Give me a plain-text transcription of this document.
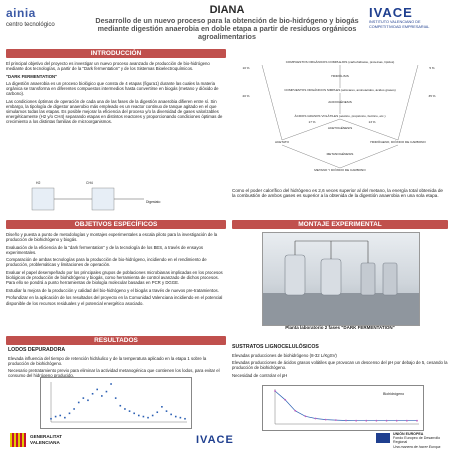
ainia
centro tecnológico
DIANA
Desarrollo de un nuevo proceso para la obtención de bio-hidrógeno y biogás mediante digestión anaerobia en doble etapa a partir de residuos orgánicos agroalimentarios
IVACE
INSTITUTO VALENCIANO DE COMPETITIVIDAD EMPRESARIAL
INTRODUCCIÓN

El principal objetivo del proyecto es investigar un nuevo proceso avanzado de producción de bio-hidrógeno mediante dos tecnologías, a partir de la "Dark fermentation" y de los Sistemas Bioelectroquímicos.

"DARK FERMENTATION"

La digestión anaerobia es un proceso biológico que consta de 4 etapas (figura1) durante las cuales la materia orgánica se transforma en diferentes compuestos intermedios hasta convertirse en biogás (metano y dióxido de carbono).

Las condiciones óptimas de operación de cada una de las fases de la digestión anaerobia difieren entre sí. Sin embargo, la tipología de digestor anaerobio más empleado es un reactor continuo de tanque agitado en el que simulamos todas las etapas. Es posible mejorar la eficiencia del proceso y/o la diversidad de gases valorizables energéticamente (H2 y/o CH4) separando etapas en distintos reactores y proporcionando condiciones óptimas de crecimiento a los distintas familias de microorganismos.

COMPUESTOS ORGÁNICOS COMPLEJOS (carbohidratos, proteínas, lípidos)
HIDRÓLISIS
COMPUESTOS ORGÁNICOS SIMPLES (azúcares, aminoácidos, ácidos grasos)
ACIDOGÉNESIS
ÁCIDOS GRASOS VOLÁTILES (acético, propiónico, butírico, etc.)
ACETOGÉNESIS
ACETATO	HIDRÓGENO, DIÓXIDO DE CARBONO
METANOGÉNESIS
METANO Y DIÓXIDO DE CARBONO
10 %	5 %
20 %	35 %
17 %	13 %
H2	CH4
Digestato
Como el poder calorífico del hidrógeno es 2,6 veces superior al del metano, la energía total obtenida de la combustión de ambos gases es superior a la obtenida de la digestión anaerobia en una sola etapa.
OBJETIVOS ESPECÍFICOS

Diseño y puesta a punto de metodologías y montajes experimentales a escala piloto para la investigación de la producción de biohidrógeno y biogás.

Evaluación de la eficiencia de la "dark fermentation" y de la tecnología de los BES, a través de ensayos experimentales.

Comparación de ambas tecnologías para la producción de bio-hidrógeno, incidiendo en el rendimiento de producción, problemáticas y limitaciones de operación.

Evaluar el papel desempeñado por los principales grupos de poblaciones microbianas implicadas en los procesos biológicos de producción de biohidrógeno y biogás, como herramienta de control avanzado de dichos procesos. Para ello se pondrá a punto herramientas de biología molecular basadas en PCR y DGGE.

Estudiar la mejora de la producción y calidad del bio-hidrógeno y el biogás a través de nuevos pre-tratamientos.

Profundizar en la aplicación de los resultados del proyecto en la Comunidad Valenciana incidiendo en el potencial disponible de los recursos residuales y el potencial energético asociado.

MONTAJE EXPERIMENTAL
Planta laboratorio 2 fases "DARK FERMENTATION"
RESULTADOS

LODOS DEPURADORA

Elevada influencia del tiempo de retención hidráulico y de la temperatura aplicado en la etapa 1 sobre la producción de biohidrógeno.

Necesario pretratamiento previo para eliminar la actividad metanogénica que contienen los lodos, para evitar el consumo del hidrógeno producido.

SUSTRATOS LIGNOCELULÓSICOS

Elevadas producciones de biohidrógeno (8-32 L/KgSV)

Elevadas producciones de ácidos grasos volátiles que provocan un descenso del pH por debajo de 5, cesando la producción de biohidrógeno.

Necesidad de controlar el pH

Biohidrógeno
GENERALITAT VALENCIANA	IVACE	UNIÓN EUROPEA
Fondo Europeo de Desarrollo Regional
Una manera de hacer Europa
